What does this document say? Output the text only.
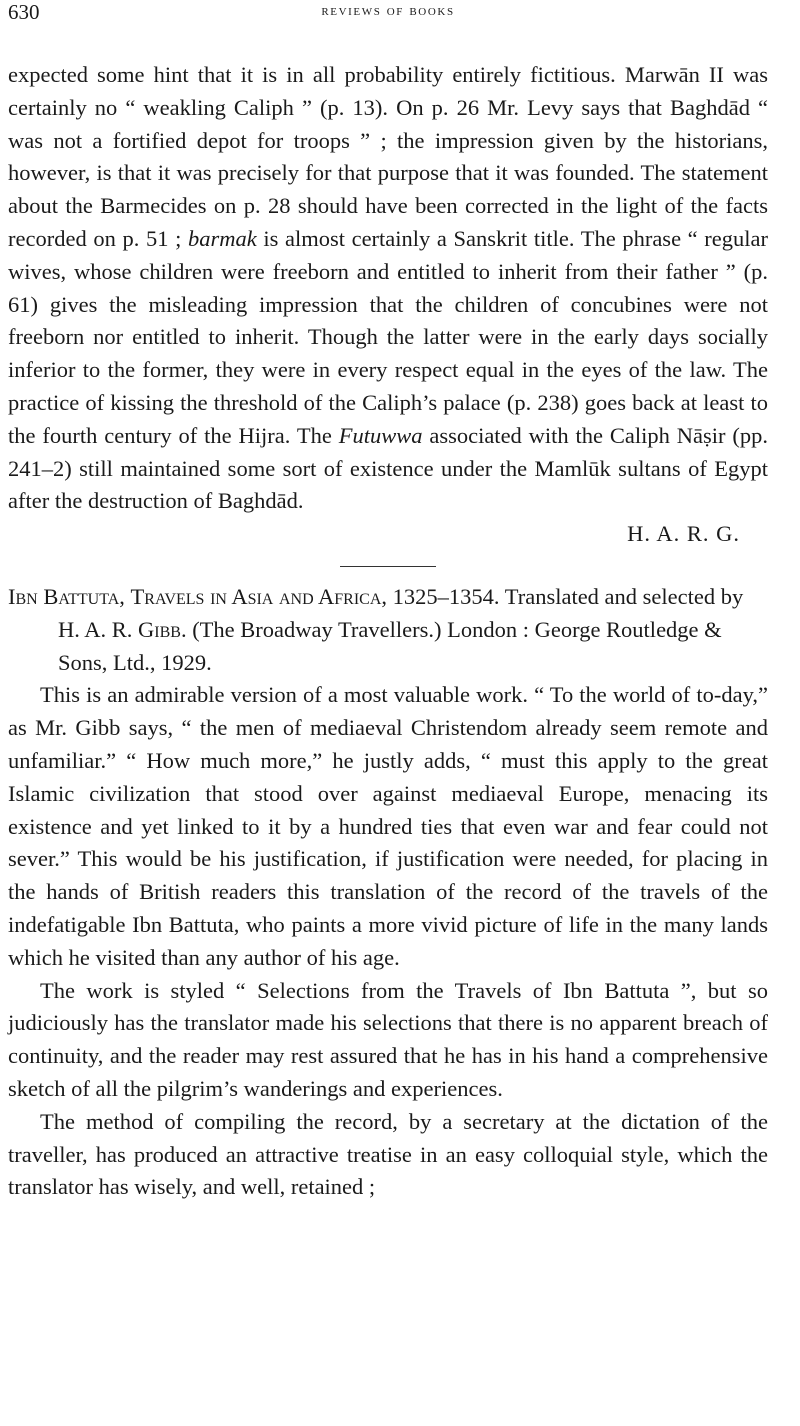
630	reviews of books

expected some hint that it is in all probability entirely fictitious. Marwān II was certainly no “ weakling Caliph ” (p. 13). On p. 26 Mr. Levy says that Baghdād “ was not a fortified depot for troops ” ; the impression given by the historians, however, is that it was precisely for that purpose that it was founded. The statement about the Barmecides on p. 28 should have been corrected in the light of the facts recorded on p. 51 ; barmak is almost certainly a Sanskrit title. The phrase “ regular wives, whose children were freeborn and entitled to inherit from their father ” (p. 61) gives the misleading impression that the children of concubines were not freeborn nor entitled to inherit. Though the latter were in the early days socially inferior to the former, they were in every respect equal in the eyes of the law. The practice of kissing the threshold of the Caliph’s palace (p. 238) goes back at least to the fourth century of the Hijra. The Futuwwa associated with the Caliph Nāṣir (pp. 241–2) still maintained some sort of existence under the Mamlūk sultans of Egypt after the destruction of Baghdād.

H. A. R. G.

Ibn Battuta, Travels in Asia and Africa, 1325–1354. Translated and selected by H. A. R. Gibb. (The Broadway Travellers.) London : George Routledge & Sons, Ltd., 1929.

This is an admirable version of a most valuable work. “ To the world of to-day,” as Mr. Gibb says, “ the men of mediaeval Christendom already seem remote and unfamiliar.” “ How much more,” he justly adds, “ must this apply to the great Islamic civilization that stood over against mediaeval Europe, menacing its existence and yet linked to it by a hundred ties that even war and fear could not sever.” This would be his justification, if justification were needed, for placing in the hands of British readers this translation of the record of the travels of the indefatigable Ibn Battuta, who paints a more vivid picture of life in the many lands which he visited than any author of his age.

The work is styled “ Selections from the Travels of Ibn Battuta ”, but so judiciously has the translator made his selections that there is no apparent breach of continuity, and the reader may rest assured that he has in his hand a comprehensive sketch of all the pilgrim’s wanderings and experiences.

The method of compiling the record, by a secretary at the dictation of the traveller, has produced an attractive treatise in an easy colloquial style, which the translator has wisely, and well, retained ;
